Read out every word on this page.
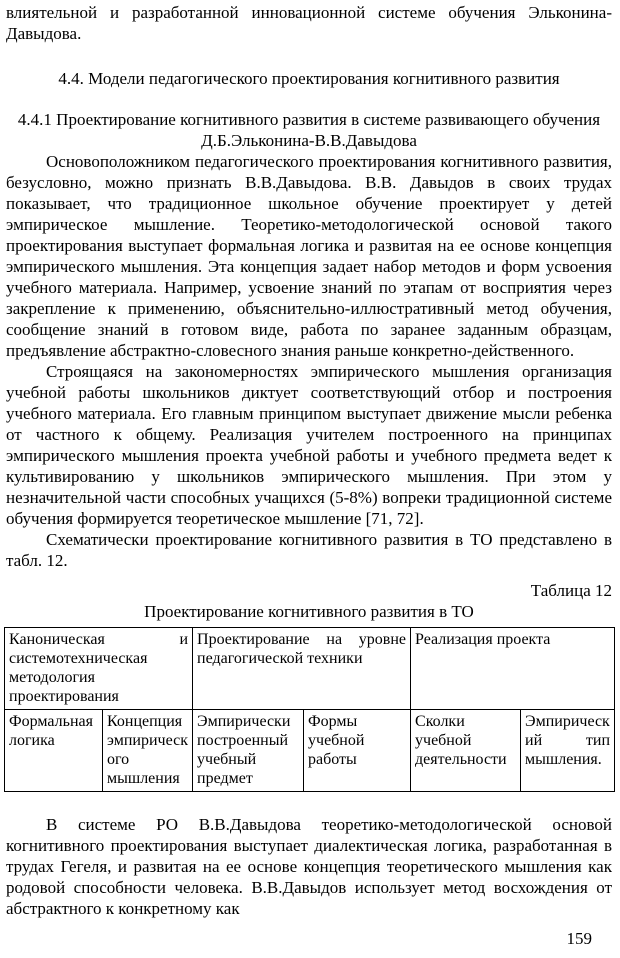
влиятельной и разработанной инновационной системе обучения Эльконина-Давыдова.

4.4. Модели педагогического проектирования когнитивного развития
4.4.1 Проектирование когнитивного развития в системе развивающего обучения Д.Б.Эльконина-В.В.Давыдова

Основоположником педагогического проектирования когнитивного развития, безусловно, можно признать В.В.Давыдова. В.В. Давыдов в своих трудах показывает, что традиционное школьное обучение проектирует у детей эмпирическое мышление. Теоретико-методологической основой такого проектирования выступает формальная логика и развитая на ее основе концепция эмпирического мышления. Эта концепция задает набор методов и форм усвоения учебного материала. Например, усвоение знаний по этапам от восприятия через закрепление к применению, объяснительно-иллюстративный метод обучения, сообщение знаний в готовом виде, работа по заранее заданным образцам, предъявление абстрактно-словесного знания раньше конкретно-действенного.

Строящаяся на закономерностях эмпирического мышления организация учебной работы школьников диктует соответствующий отбор и построения учебного материала. Его главным принципом выступает движение мысли ребенка от частного к общему. Реализация учителем построенного на принципах эмпирического мышления проекта учебной работы и учебного предмета ведет к культивированию у школьников эмпирического мышления. При этом у незначительной части способных учащихся (5-8%) вопреки традиционной системе обучения формируется теоретическое мышление [71, 72].

Схематически проектирование когнитивного развития в ТО представлено в табл. 12.

Таблица 12

Проектирование когнитивного развития в ТО

Каноническая и системотехническая методология проектирования		Проектирование на уровне педагогической техники		Реализация проекта	
Формальная логика	Концепция эмпирического мышления	Эмпирически построенный учебный предмет	Формы учебной работы	Сколки учебной деятельности	Эмпирический тип мышления.

В системе РО В.В.Давыдова теоретико-методологической основой когнитивного проектирования выступает диалектическая логика, разработанная в трудах Гегеля, и развитая на ее основе концепция теоретического мышления как родовой способности человека. В.В.Давыдов использует метод восхождения от абстрактного к конкретному как

159
